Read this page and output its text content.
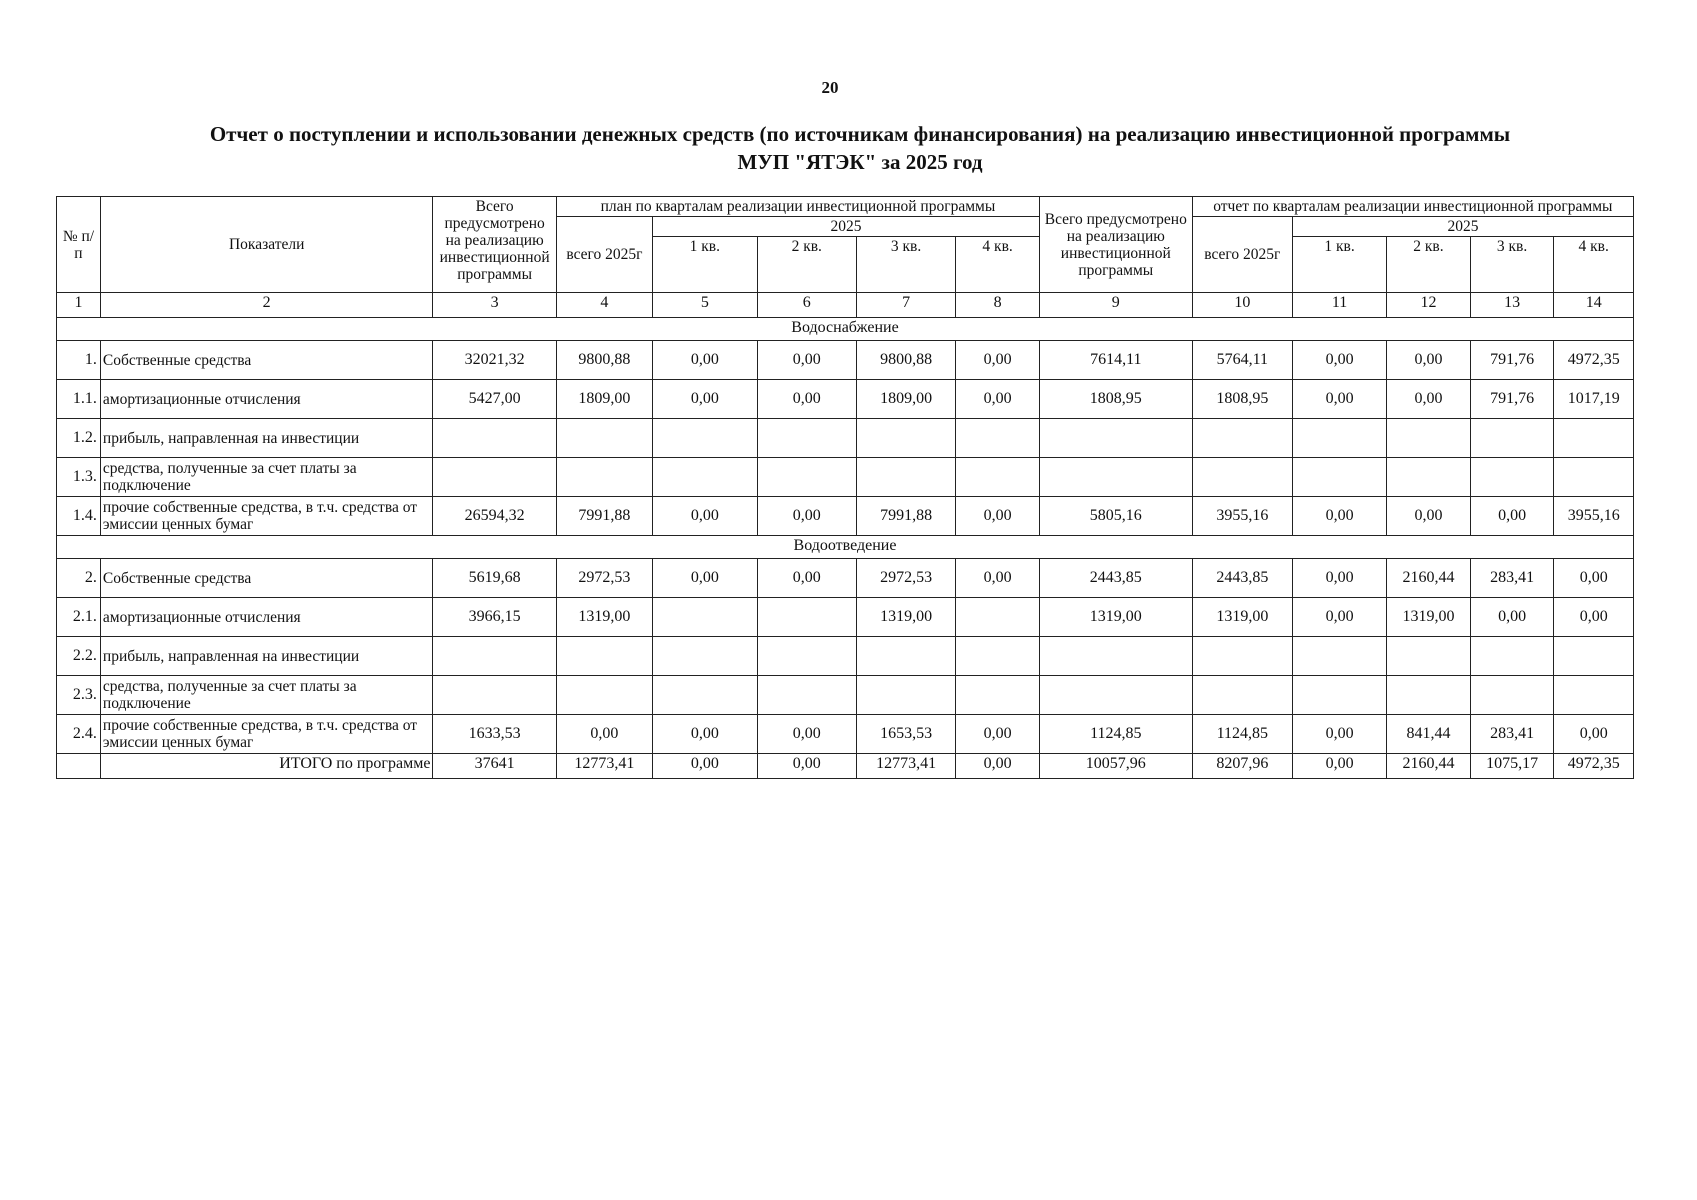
20
Отчет о поступлении и использовании денежных средств (по источникам финансирования) на реализацию инвестиционной программы
МУП "ЯТЭК" за 2025 год
№ п/п	Показатели	Всего предусмотрено на реализацию инвестиционной программы	план по кварталам реализации инвестиционной программы					Всего предусмотрено на реализацию инвестиционной программы	отчет по кварталам реализации инвестиционной программы				
			всего 2025г	2025					всего 2025г	2025			
				1 кв.	2 кв.	3 кв.	4 кв.			1 кв.	2 кв.	3 кв.	4 кв.
1	2	3	4	5	6	7	8	9	10	11	12	13	14
Водоснабжение													
1.	Собственные средства	32021,32	9800,88	0,00	0,00	9800,88	0,00	7614,11	5764,11	0,00	0,00	791,76	4972,35
1.1.	амортизационные отчисления	5427,00	1809,00	0,00	0,00	1809,00	0,00	1808,95	1808,95	0,00	0,00	791,76	1017,19
1.2.	прибыль, направленная на инвестиции												
1.3.	средства, полученные за счет платы за подключение												
1.4.	прочие собственные средства, в т.ч. средства от эмиссии ценных бумаг	26594,32	7991,88	0,00	0,00	7991,88	0,00	5805,16	3955,16	0,00	0,00	0,00	3955,16
Водоотведение													
2.	Собственные средства	5619,68	2972,53	0,00	0,00	2972,53	0,00	2443,85	2443,85	0,00	2160,44	283,41	0,00
2.1.	амортизационные отчисления	3966,15	1319,00			1319,00		1319,00	1319,00	0,00	1319,00	0,00	0,00
2.2.	прибыль, направленная на инвестиции												
2.3.	средства, полученные за счет платы за подключение												
2.4.	прочие собственные средства, в т.ч. средства от эмиссии ценных бумаг	1633,53	0,00	0,00	0,00	1653,53	0,00	1124,85	1124,85	0,00	841,44	283,41	0,00
	ИТОГО по программе	37641	12773,41	0,00	0,00	12773,41	0,00	10057,96	8207,96	0,00	2160,44	1075,17	4972,35
